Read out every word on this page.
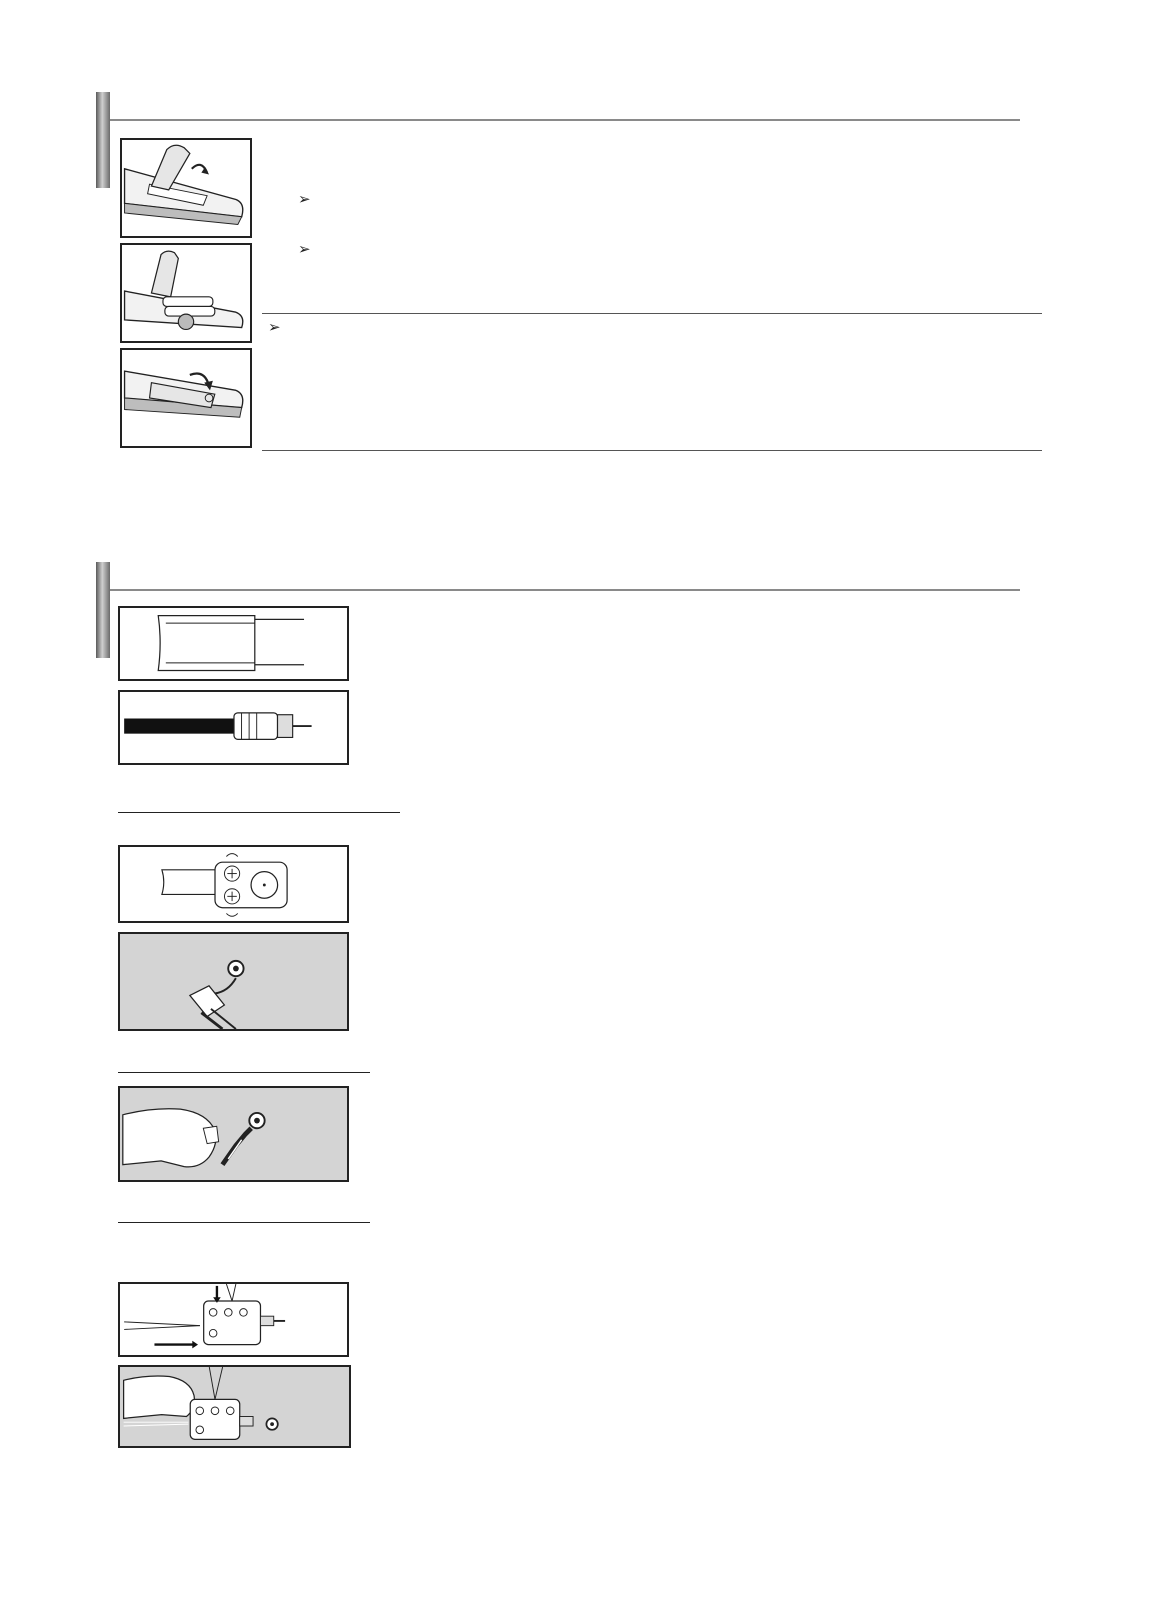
➢
➢
➢
